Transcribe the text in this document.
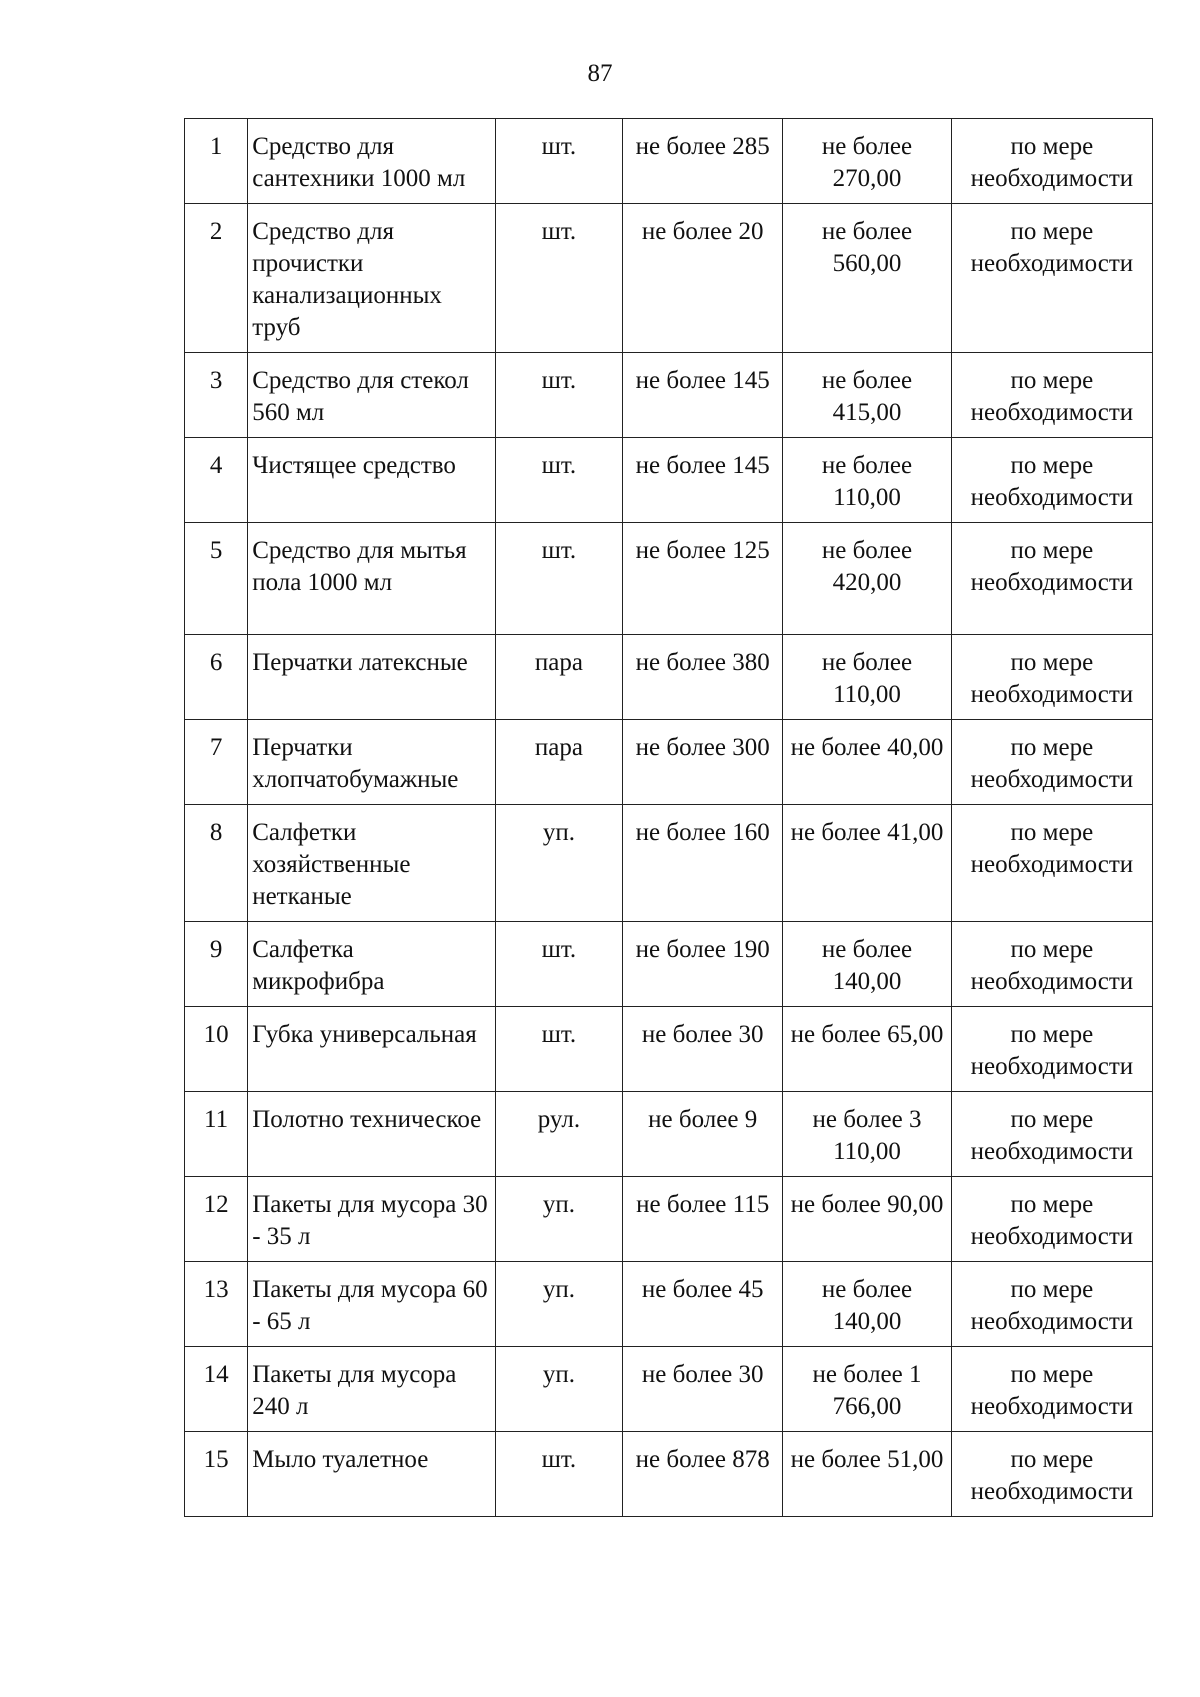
87
1	Средство для сантехники 1000 мл	шт.	не более 285	не более 270,00	по мере необходимости
2	Средство для прочистки канализационных труб	шт.	не более 20	не более 560,00	по мере необходимости
3	Средство для стекол 560 мл	шт.	не более 145	не более 415,00	по мере необходимости
4	Чистящее средство	шт.	не более 145	не более 110,00	по мере необходимости
5	Средство для мытья пола 1000 мл	шт.	не более 125	не более 420,00	по мере необходимости
6	Перчатки латексные	пара	не более 380	не более 110,00	по мере необходимости
7	Перчатки хлопчатобумажные	пара	не более 300	не более 40,00	по мере необходимости
8	Салфетки хозяйственные нетканые	уп.	не более 160	не более 41,00	по мере необходимости
9	Салфетка микрофибра	шт.	не более 190	не более 140,00	по мере необходимости
10	Губка универсальная	шт.	не более 30	не более 65,00	по мере необходимости
11	Полотно техническое	рул.	не более 9	не более 3 110,00	по мере необходимости
12	Пакеты для мусора 30 - 35 л	уп.	не более 115	не более 90,00	по мере необходимости
13	Пакеты для мусора 60 - 65 л	уп.	не более 45	не более 140,00	по мере необходимости
14	Пакеты для мусора 240 л	уп.	не более 30	не более 1 766,00	по мере необходимости
15	Мыло туалетное	шт.	не более 878	не более 51,00	по мере необходимости
